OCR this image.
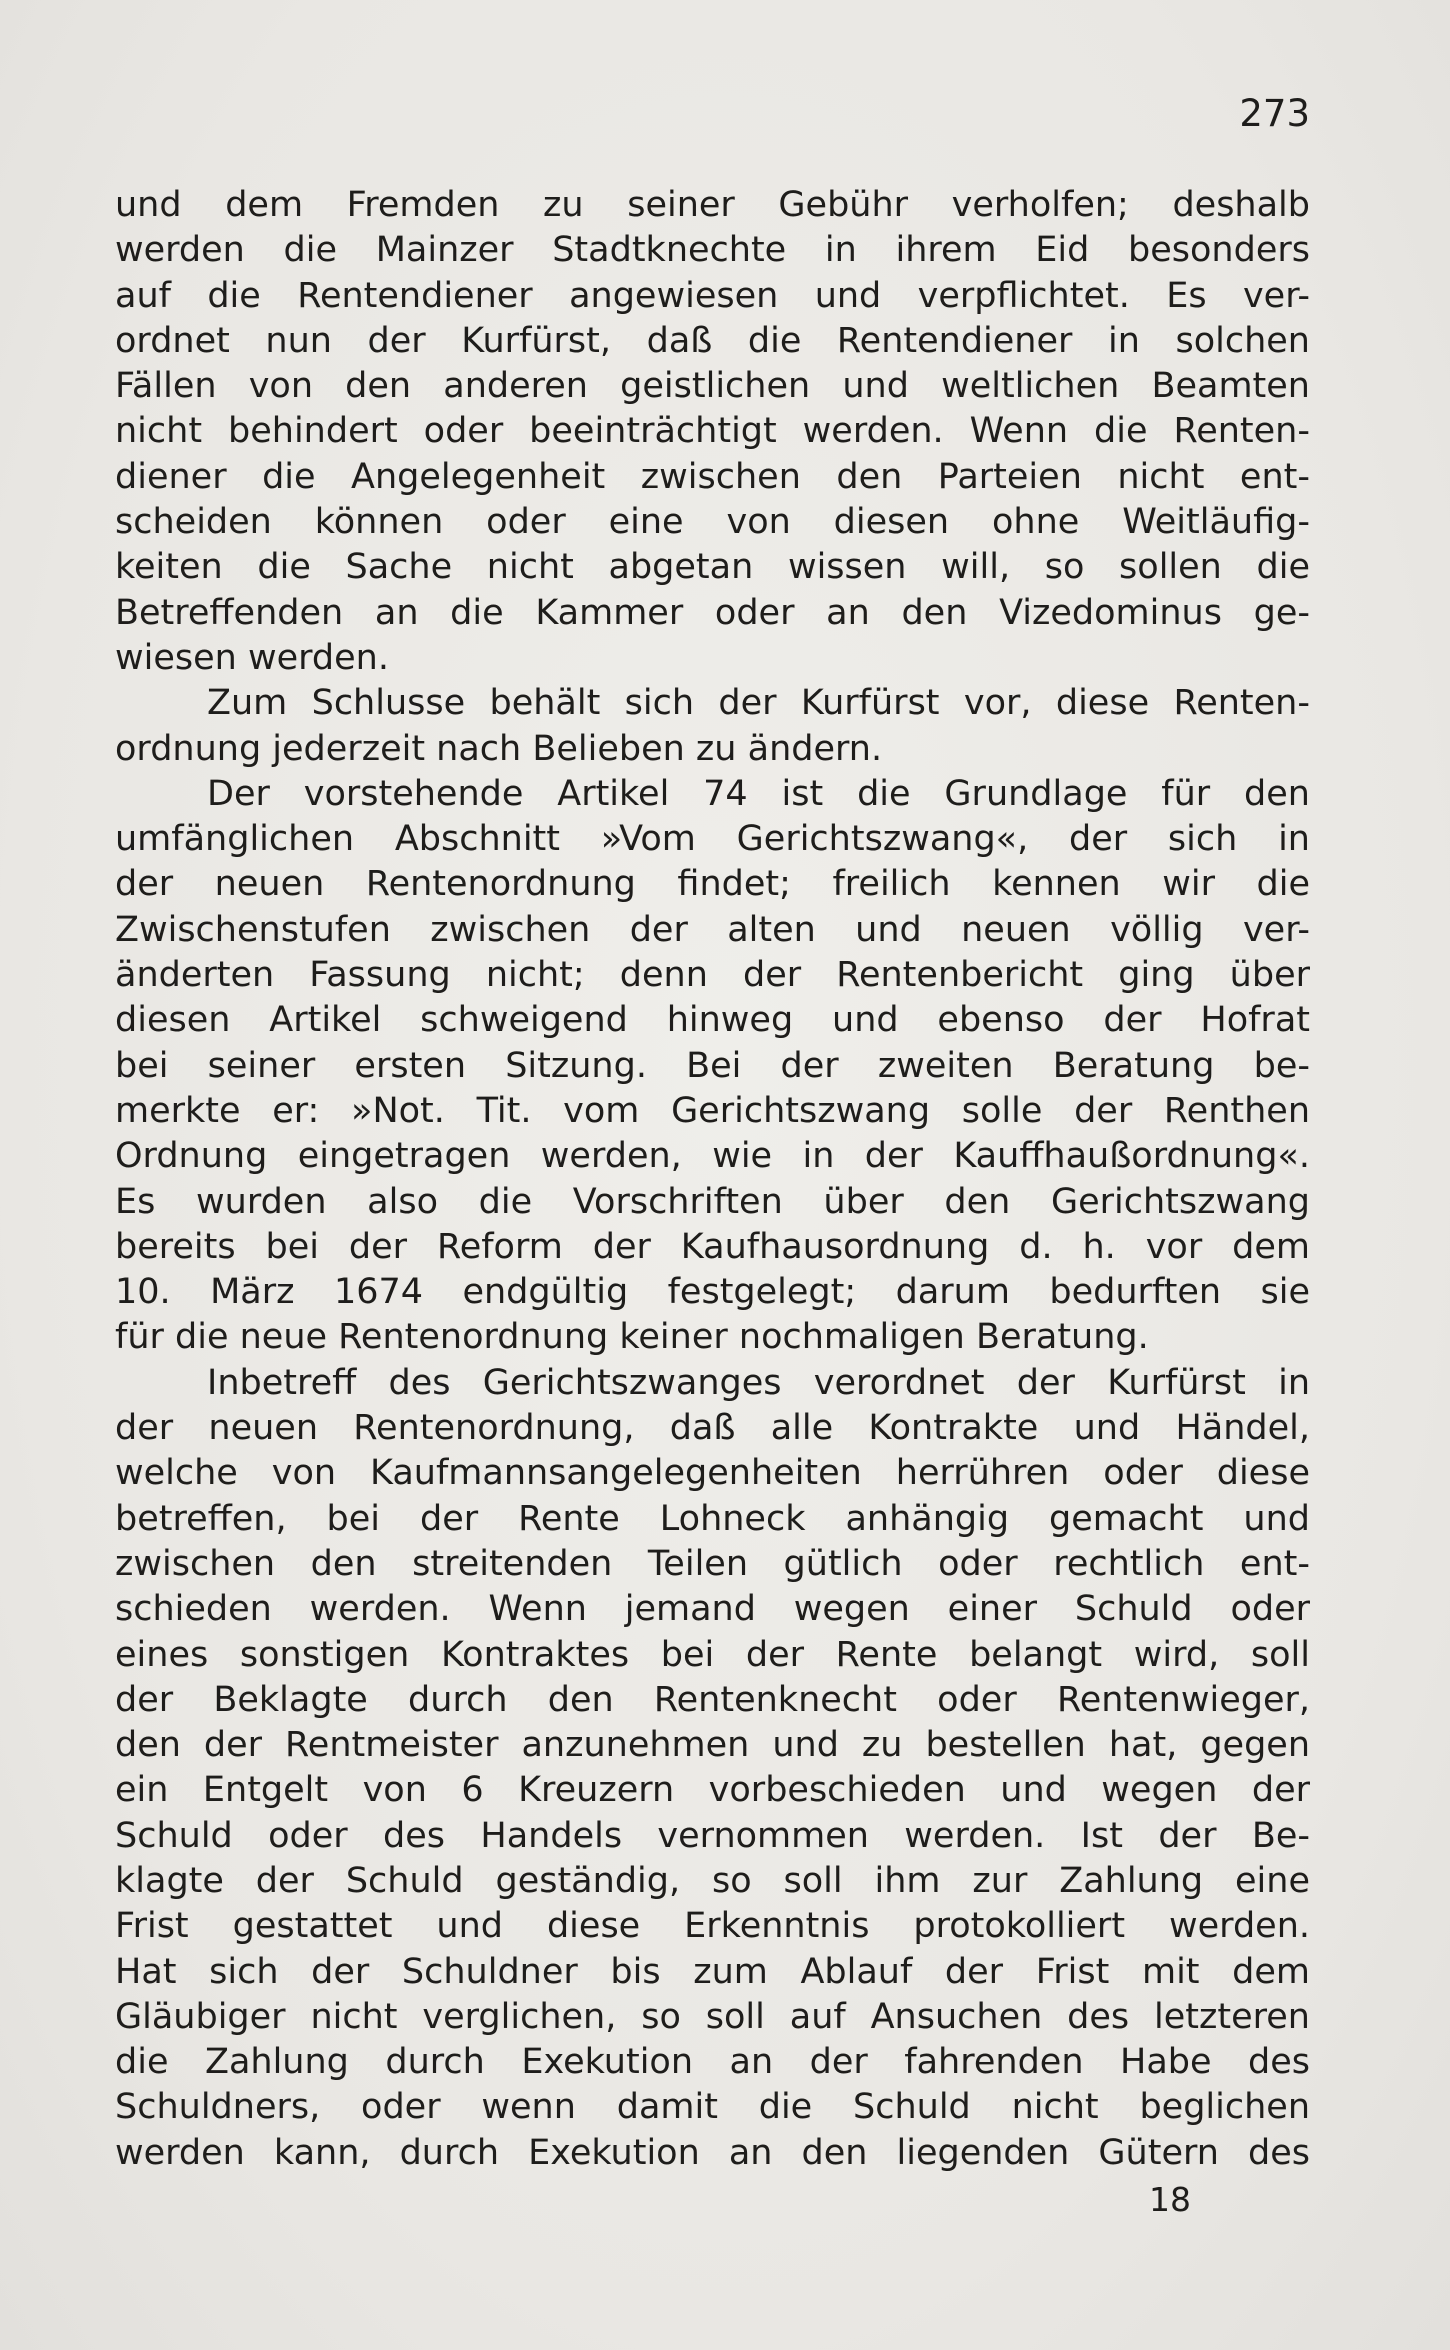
273
und dem Fremden zu seiner Gebühr verholfen; deshalb
werden die Mainzer Stadtknechte in ihrem Eid besonders
auf die Rentendiener angewiesen und verpflichtet. Es ver-
ordnet nun der Kurfürst, daß die Rentendiener in solchen
Fällen von den anderen geistlichen und weltlichen Beamten
nicht behindert oder beeinträchtigt werden. Wenn die Renten-
diener die Angelegenheit zwischen den Parteien nicht ent-
scheiden können oder eine von diesen ohne Weitläufig-
keiten die Sache nicht abgetan wissen will, so sollen die
Betreffenden an die Kammer oder an den Vizedominus ge-
wiesen werden.
Zum Schlusse behält sich der Kurfürst vor, diese Renten-
ordnung jederzeit nach Belieben zu ändern.
Der vorstehende Artikel 74 ist die Grundlage für den
umfänglichen Abschnitt »Vom Gerichtszwang«, der sich in
der neuen Rentenordnung findet; freilich kennen wir die
Zwischenstufen zwischen der alten und neuen völlig ver-
änderten Fassung nicht; denn der Rentenbericht ging über
diesen Artikel schweigend hinweg und ebenso der Hofrat
bei seiner ersten Sitzung. Bei der zweiten Beratung be-
merkte er: »Not. Tit. vom Gerichtszwang solle der Renthen
Ordnung eingetragen werden, wie in der Kauffhaußordnung«.
Es wurden also die Vorschriften über den Gerichtszwang
bereits bei der Reform der Kaufhausordnung d. h. vor dem
10. März 1674 endgültig festgelegt; darum bedurften sie
für die neue Rentenordnung keiner nochmaligen Beratung.
Inbetreff des Gerichtszwanges verordnet der Kurfürst in
der neuen Rentenordnung, daß alle Kontrakte und Händel,
welche von Kaufmannsangelegenheiten herrühren oder diese
betreffen, bei der Rente Lohneck anhängig gemacht und
zwischen den streitenden Teilen gütlich oder rechtlich ent-
schieden werden. Wenn jemand wegen einer Schuld oder
eines sonstigen Kontraktes bei der Rente belangt wird, soll
der Beklagte durch den Rentenknecht oder Rentenwieger,
den der Rentmeister anzunehmen und zu bestellen hat, gegen
ein Entgelt von 6 Kreuzern vorbeschieden und wegen der
Schuld oder des Handels vernommen werden. Ist der Be-
klagte der Schuld geständig, so soll ihm zur Zahlung eine
Frist gestattet und diese Erkenntnis protokolliert werden.
Hat sich der Schuldner bis zum Ablauf der Frist mit dem
Gläubiger nicht verglichen, so soll auf Ansuchen des letzteren
die Zahlung durch Exekution an der fahrenden Habe des
Schuldners, oder wenn damit die Schuld nicht beglichen
werden kann, durch Exekution an den liegenden Gütern des
18
